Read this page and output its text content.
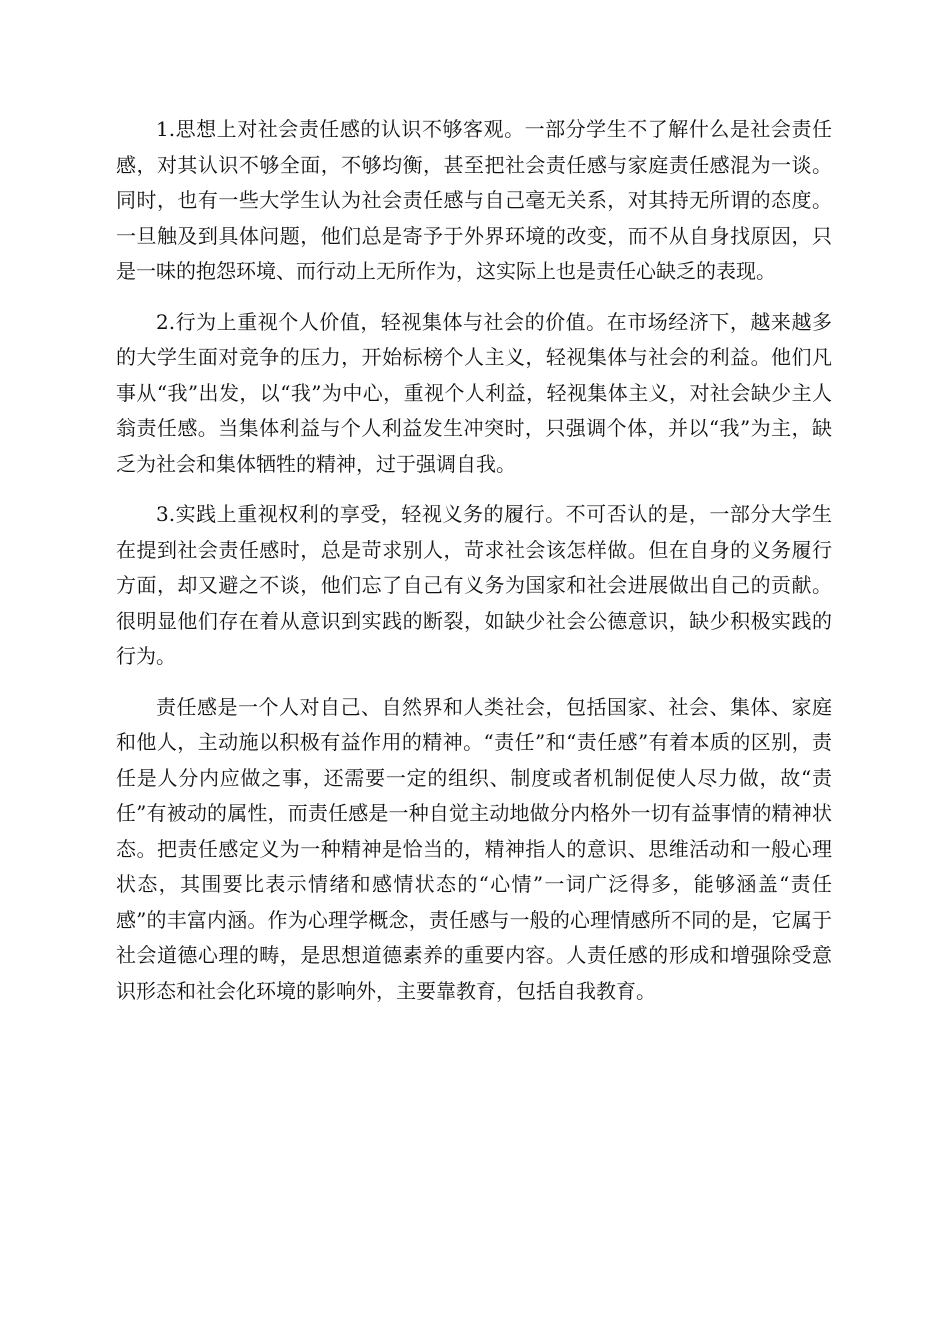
1.思想上对社会责任感的认识不够客观。一部分学生不了解什么是社会责任感，对其认识不够全面，不够均衡，甚至把社会责任感与家庭责任感混为一谈。同时，也有一些大学生认为社会责任感与自己毫无关系，对其持无所谓的态度。一旦触及到具体问题，他们总是寄予于外界环境的改变，而不从自身找原因，只是一味的抱怨环境、而行动上无所作为，这实际上也是责任心缺乏的表现。

2.行为上重视个人价值，轻视集体与社会的价值。在市场经济下，越来越多的大学生面对竞争的压力，开始标榜个人主义，轻视集体与社会的利益。他们凡事从“我”出发，以“我”为中心，重视个人利益，轻视集体主义，对社会缺少主人翁责任感。当集体利益与个人利益发生冲突时，只强调个体，并以“我”为主，缺乏为社会和集体牺牲的精神，过于强调自我。

3.实践上重视权利的享受，轻视义务的履行。不可否认的是，一部分大学生在提到社会责任感时，总是苛求别人，苛求社会该怎样做。但在自身的义务履行方面，却又避之不谈，他们忘了自己有义务为国家和社会进展做出自己的贡献。很明显他们存在着从意识到实践的断裂，如缺少社会公德意识，缺少积极实践的行为。

责任感是一个人对自己、自然界和人类社会，包括国家、社会、集体、家庭和他人，主动施以积极有益作用的精神。“责任”和“责任感”有着本质的区别，责任是人分内应做之事，还需要一定的组织、制度或者机制促使人尽力做，故“责任”有被动的属性，而责任感是一种自觉主动地做分内格外一切有益事情的精神状态。把责任感定义为一种精神是恰当的，精神指人的意识、思维活动和一般心理状态，其围要比表示情绪和感情状态的“心情”一词广泛得多，能够涵盖“责任感”的丰富内涵。作为心理学概念，责任感与一般的心理情感所不同的是，它属于社会道德心理的畴，是思想道德素养的重要内容。人责任感的形成和增强除受意识形态和社会化环境的影响外，主要靠教育，包括自我教育。
